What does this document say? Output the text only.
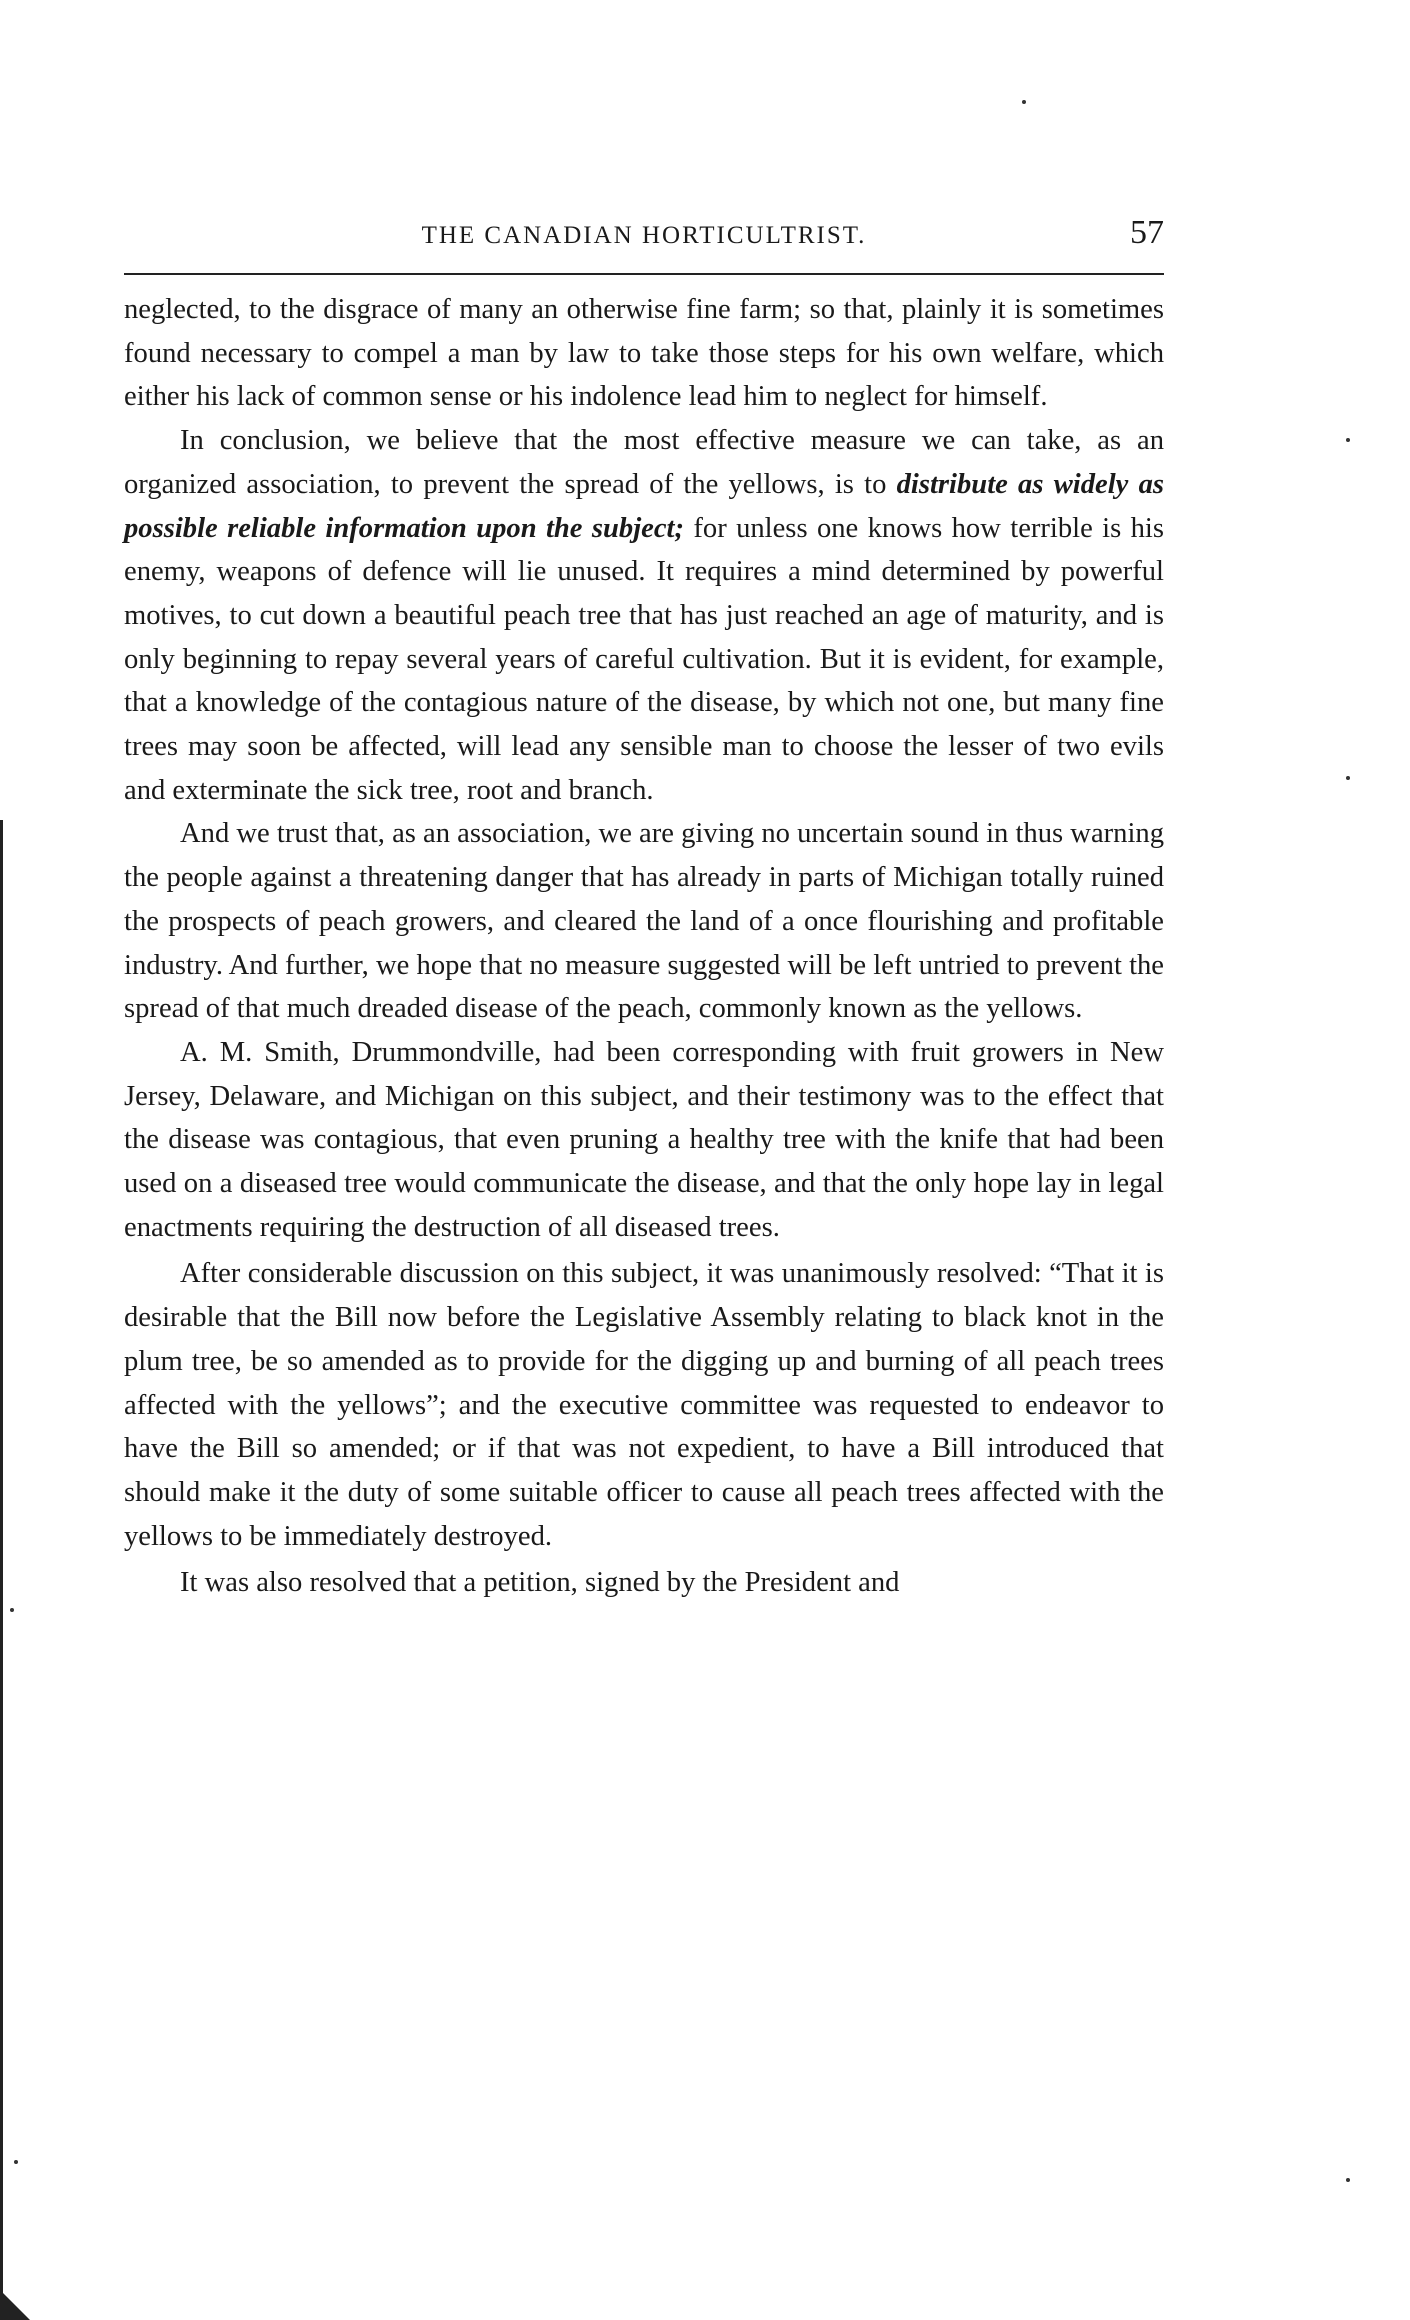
THE CANADIAN HORTICULTRIST.	57

neglected, to the disgrace of many an otherwise fine farm; so that, plainly it is sometimes found necessary to compel a man by law to take those steps for his own welfare, which either his lack of common sense or his indolence lead him to neglect for himself.

In conclusion, we believe that the most effective measure we can take, as an organized association, to prevent the spread of the yellows, is to distribute as widely as possible reliable information upon the subject; for unless one knows how terrible is his enemy, weapons of defence will lie unused. It requires a mind determined by powerful motives, to cut down a beautiful peach tree that has just reached an age of maturity, and is only beginning to repay several years of careful cultivation. But it is evident, for example, that a knowledge of the contagious nature of the disease, by which not one, but many fine trees may soon be affected, will lead any sensible man to choose the lesser of two evils and exterminate the sick tree, root and branch.

And we trust that, as an association, we are giving no uncertain sound in thus warning the people against a threatening danger that has already in parts of Michigan totally ruined the prospects of peach growers, and cleared the land of a once flourishing and profitable industry. And further, we hope that no measure suggested will be left untried to prevent the spread of that much dreaded disease of the peach, commonly known as the yellows.

A. M. Smith, Drummondville, had been corresponding with fruit growers in New Jersey, Delaware, and Michigan on this subject, and their testimony was to the effect that the disease was contagious, that even pruning a healthy tree with the knife that had been used on a diseased tree would communicate the disease, and that the only hope lay in legal enactments requiring the destruction of all diseased trees.

After considerable discussion on this subject, it was unanimously resolved: “That it is desirable that the Bill now before the Legislative Assembly relating to black knot in the plum tree, be so amended as to provide for the digging up and burning of all peach trees affected with the yellows”; and the executive committee was requested to endeavor to have the Bill so amended; or if that was not expedient, to have a Bill introduced that should make it the duty of some suitable officer to cause all peach trees affected with the yellows to be immediately destroyed.

It was also resolved that a petition, signed by the President and
